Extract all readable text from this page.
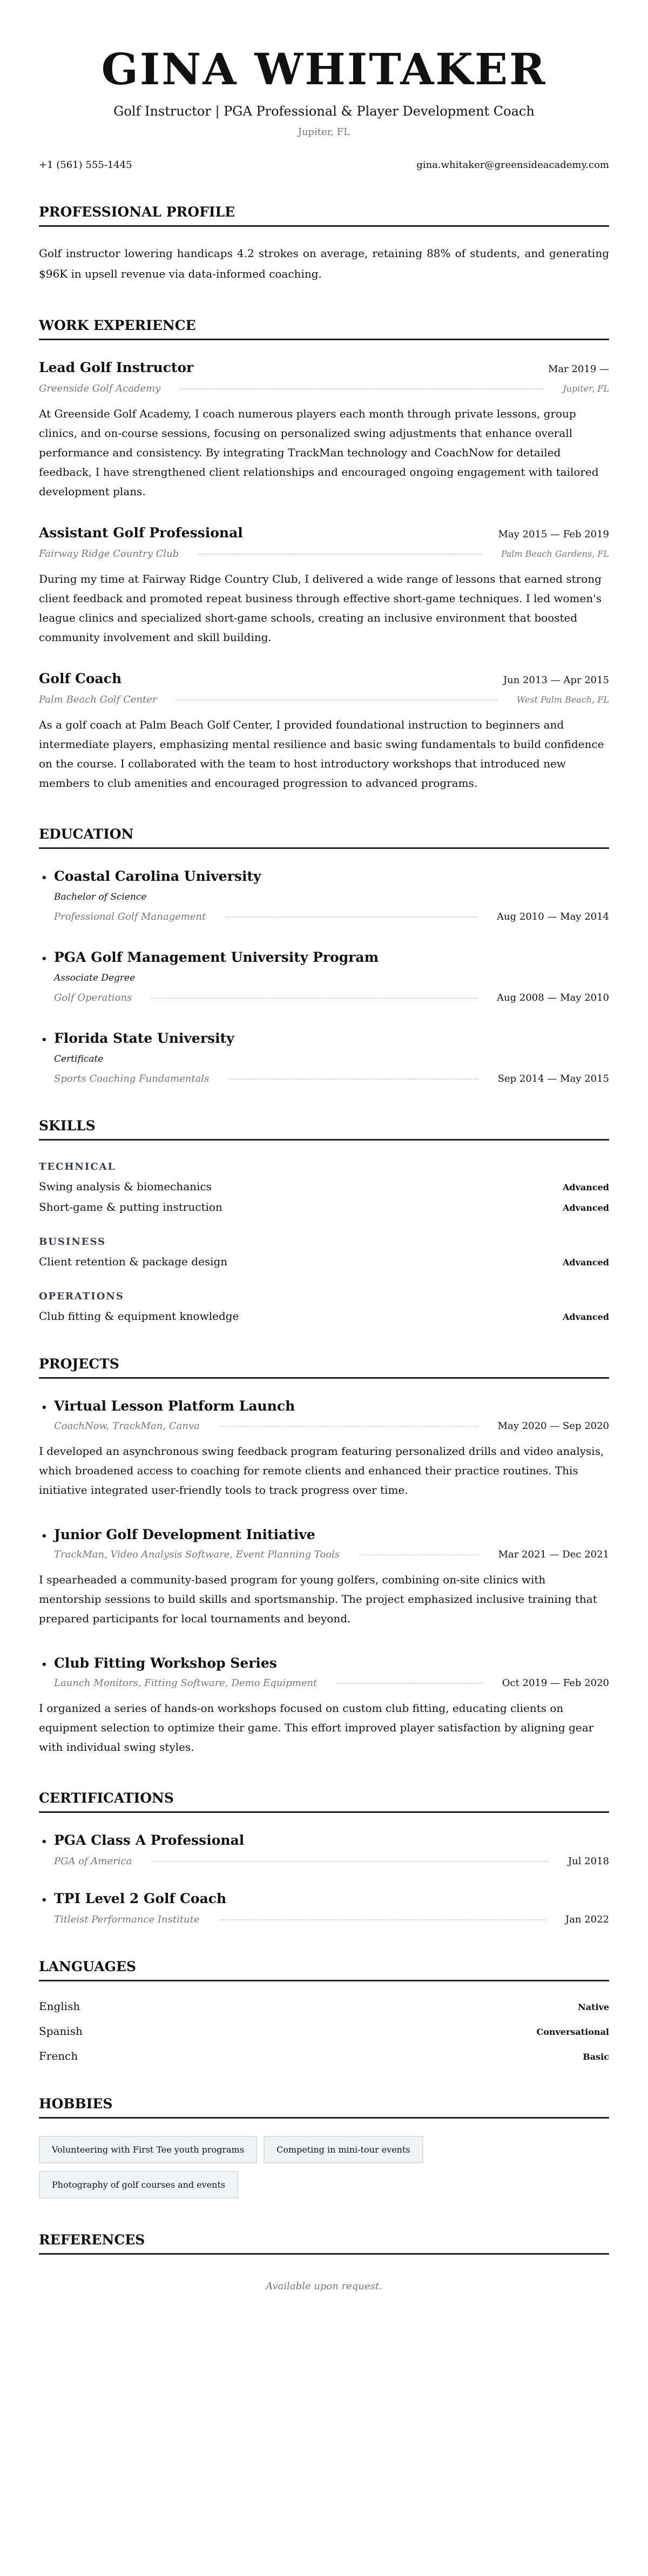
GINA WHITAKER
Golf Instructor | PGA Professional & Player Development Coach
Jupiter, FL
+1 (561) 555-1445	gina.whitaker@greensideacademy.com
PROFESSIONAL PROFILE

Golf instructor lowering handicaps 4.2 strokes on average, retaining 88% of students, and generating $96K in upsell revenue via data-informed coaching.

WORK EXPERIENCE
Lead Golf Instructor	Mar 2019 —
Greenside Golf Academy	Jupiter, FL

At Greenside Golf Academy, I coach numerous players each month through private lessons, group clinics, and on-course sessions, focusing on personalized swing adjustments that enhance overall performance and consistency. By integrating TrackMan technology and CoachNow for detailed feedback, I have strengthened client relationships and encouraged ongoing engagement with tailored development plans.

Assistant Golf Professional	May 2015 — Feb 2019
Fairway Ridge Country Club	Palm Beach Gardens, FL

During my time at Fairway Ridge Country Club, I delivered a wide range of lessons that earned strong client feedback and promoted repeat business through effective short-game techniques. I led women's league clinics and specialized short-game schools, creating an inclusive environment that boosted community involvement and skill building.

Golf Coach	Jun 2013 — Apr 2015
Palm Beach Golf Center	West Palm Beach, FL

As a golf coach at Palm Beach Golf Center, I provided foundational instruction to beginners and intermediate players, emphasizing mental resilience and basic swing fundamentals to build confidence on the course. I collaborated with the team to host introductory workshops that introduced new members to club amenities and encouraged progression to advanced programs.

EDUCATION
• Coastal Carolina University
Bachelor of Science
Professional Golf Management	Aug 2010 — May 2014
• PGA Golf Management University Program
Associate Degree
Golf Operations	Aug 2008 — May 2010
• Florida State University
Certificate
Sports Coaching Fundamentals	Sep 2014 — May 2015
SKILLS
TECHNICAL
Swing analysis & biomechanics	Advanced
Short-game & putting instruction	Advanced
BUSINESS
Client retention & package design	Advanced
OPERATIONS
Club fitting & equipment knowledge	Advanced
PROJECTS
• Virtual Lesson Platform Launch
CoachNow, TrackMan, Canva	May 2020 — Sep 2020

I developed an asynchronous swing feedback program featuring personalized drills and video analysis, which broadened access to coaching for remote clients and enhanced their practice routines. This initiative integrated user-friendly tools to track progress over time.

• Junior Golf Development Initiative
TrackMan, Video Analysis Software, Event Planning Tools	Mar 2021 — Dec 2021

I spearheaded a community-based program for young golfers, combining on-site clinics with mentorship sessions to build skills and sportsmanship. The project emphasized inclusive training that prepared participants for local tournaments and beyond.

• Club Fitting Workshop Series
Launch Monitors, Fitting Software, Demo Equipment	Oct 2019 — Feb 2020

I organized a series of hands-on workshops focused on custom club fitting, educating clients on equipment selection to optimize their game. This effort improved player satisfaction by aligning gear with individual swing styles.

CERTIFICATIONS
• PGA Class A Professional
PGA of America	Jul 2018
• TPI Level 2 Golf Coach
Titleist Performance Institute	Jan 2022
LANGUAGES
English	Native
Spanish	Conversational
French	Basic
HOBBIES
Volunteering with First Tee youth programs	Competing in mini-tour events
Photography of golf courses and events
REFERENCES

Available upon request.
